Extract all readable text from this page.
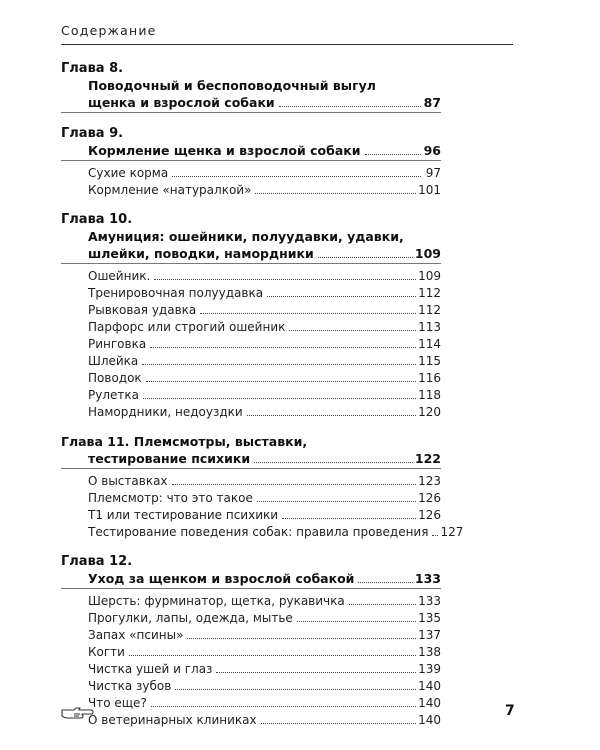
Содержание
Глава 8.
Поводочный и беспоповодочный выгул
щенка и взрослой собаки	87
Глава 9.
Кормление щенка и взрослой собаки	96
Сухие корма	97
Кормление «натуралкой»	101
Глава 10.
Амуниция: ошейники, полуудавки, удавки,
шлейки, поводки, намордники	109
Ошейник.	109
Тренировочная полуудавка	112
Рывковая удавка	112
Парфорс или строгий ошейник	113
Ринговка	114
Шлейка	115
Поводок	116
Рулетка	118
Намордники, недоуздки	120
Глава 11.
Племсмотры, выставки,
тестирование психики	122
О выставках	123
Племсмотр: что это такое	126
Т1 или тестирование психики	126
Тестирование поведения собак: правила проведения 127
Глава 12.
Уход за щенком и взрослой собакой	133
Шерсть: фурминатор, щетка, рукавичка	133
Прогулки, лапы, одежда, мытье	135
Запах «псины»	137
Когти	138
Чистка ушей и глаз	139
Чистка зубов	140
Что еще?	140
О ветеринарных клиниках	140
7
